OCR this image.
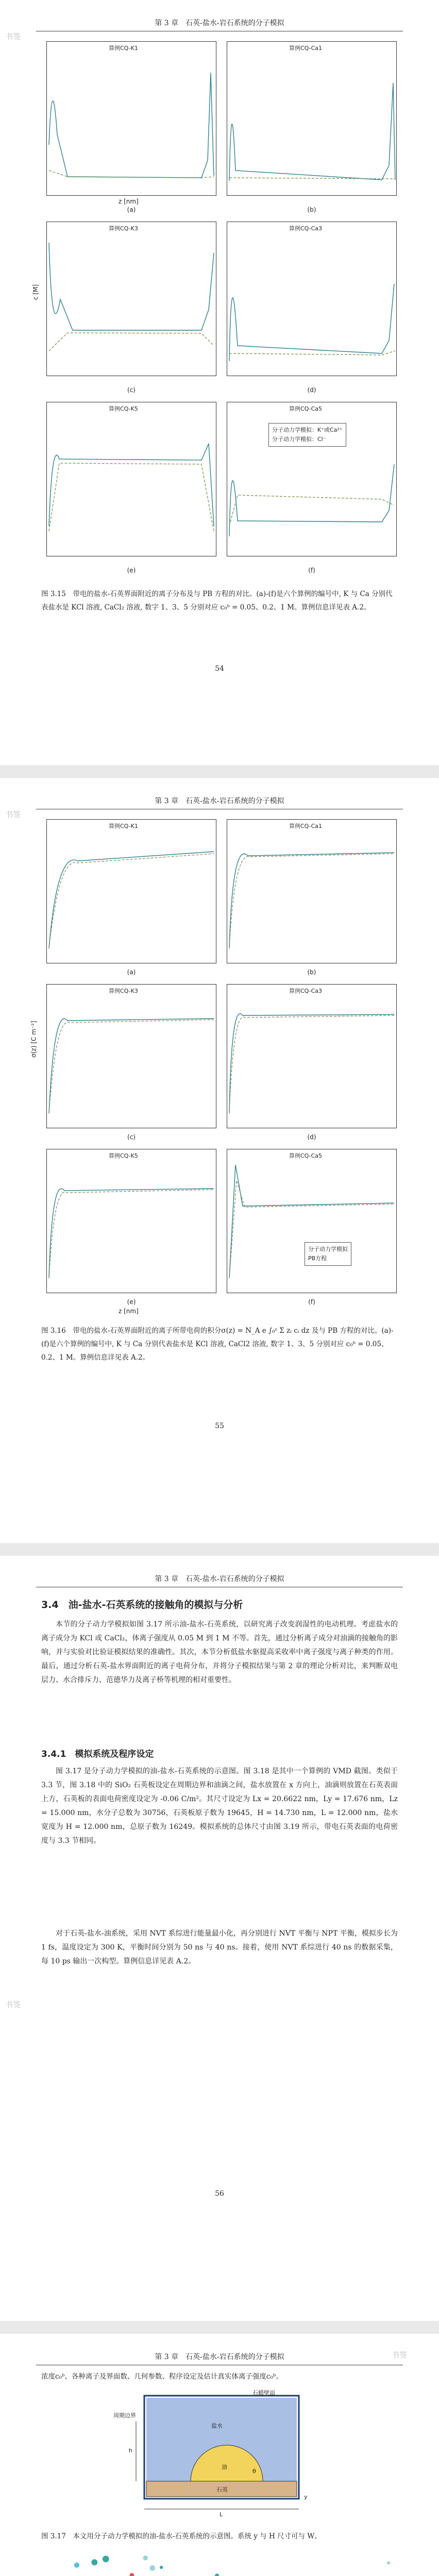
第 3 章　石英-盐水-岩石系统的分子模拟
书签
算例CQ-K1	算例CQ-Ca1
(a)	(b)
z [nm]
算例CQ-K3	算例CQ-Ca3
(c)	(d)
算例CQ-K5	算例CQ-Ca5
分子动力学模拟：K⁺或Ca²⁺
分子动力学模拟：Cl⁻
(e)	(f)
c [M]
图 3.15　带电的盐水-石英界面附近的离子分布及与 PB 方程的对比。(a)-(f)是六个算例的编号中, K 与 Ca 分别代表盐水是 KCl 溶液, CaCl₂ 溶液, 数字 1、3、5 分别对应 c₀ᵇ = 0.05、0.2、1 M。算例信息详见表 A.2。
54
第 3 章　石英-盐水-岩石系统的分子模拟
书签
算例CQ-K1	算例CQ-Ca1
(a)	(b)
算例CQ-K3	算例CQ-Ca3
(c)	(d)
算例CQ-K5	算例CQ-Ca5
分子动力学模拟
PB方程
(e)	(f)
z [nm]
σ(z) [C m⁻²]
图 3.16　带电的盐水-石英界面附近的离子所带电荷的积分σ(z) = N_A e ∫₀ᶻ Σ zᵢ cᵢ dz 及与 PB 方程的对比。(a)-(f)是六个算例的编号中, K 与 Ca 分别代表盐水是 KCl 溶液, CaCl2 溶液, 数字 1、3、5 分别对应 c₀ᵇ = 0.05、0.2、1 M。算例信息详见表 A.2。
55
第 3 章　石英-盐水-岩石系统的分子模拟
3.4　油-盐水-石英系统的接触角的模拟与分析
本节的分子动力学模拟如图 3.17 所示油-盐水-石英系统，以研究离子改变润湿性的电动机理。考虑盐水的离子成分为 KCl 或 CaCl₂，体离子强度从 0.05 M 到 1 M 不等。首先，通过分析离子成分对油滴的接触角的影响，并与实验对比验证模拟结果的准确性。其次，本节分析低盐水驱提高采收率中离子强度与离子种类的作用。最后，通过分析石英-盐水界面附近的离子电荷分布，并将分子模拟结果与第 2 章的理论分析对比，来判断双电层力、水合排斥力、范德华力及离子桥等机理的相对重要性。
3.4.1　模拟系统及程序设定
图 3.17 是分子动力学模拟的油-盐水-石英系统的示意图。图 3.18 是其中一个算例的 VMD 截图。类似于 3.3 节，图 3.18 中的 SiO₂ 石英板设定在周期边界和油滴之间，盐水放置在 x 方向上，油滴则放置在石英表面上方，石英板的表面电荷密度设定为 -0.06 C/m²。其尺寸设定为 Lx = 20.6622 nm，Ly = 17.676 nm，Lz = 15.000 nm，水分子总数为 30756，石英板原子数为 19645，H = 14.730 nm，L = 12.000 nm，盐水宽度为 H = 12.000 nm，总原子数为 16249。模拟系统的总体尺寸由图 3.19 所示，带电石英表面的电荷密度与 3.3 节相同。
对于石英-盐水-油系统，采用 NVT 系综进行能量最小化，再分别进行 NVT 平衡与 NPT 平衡，模拟步长为 1 fs，温度设定为 300 K，平衡时间分别为 50 ns 与 40 ns。接着，使用 NVT 系综进行 40 ns 的数据采集，每 10 ps 输出一次构型。算例信息详见表 A.2。
书签
56
第 3 章　石英-盐水-岩石系统的分子模拟
浓度c₀ᵇ、各种离子及界面数、几何参数、程序设定及估计真实体离子强度c₀ᵇ。
石蜡壁面
周期边界
盐水
油
h
θ
石英
y
L
图 3.17　本文用分子动力学模拟的油-盐水-石英系统的示意图。系统 y 与 H 尺寸可与 W。
书签
